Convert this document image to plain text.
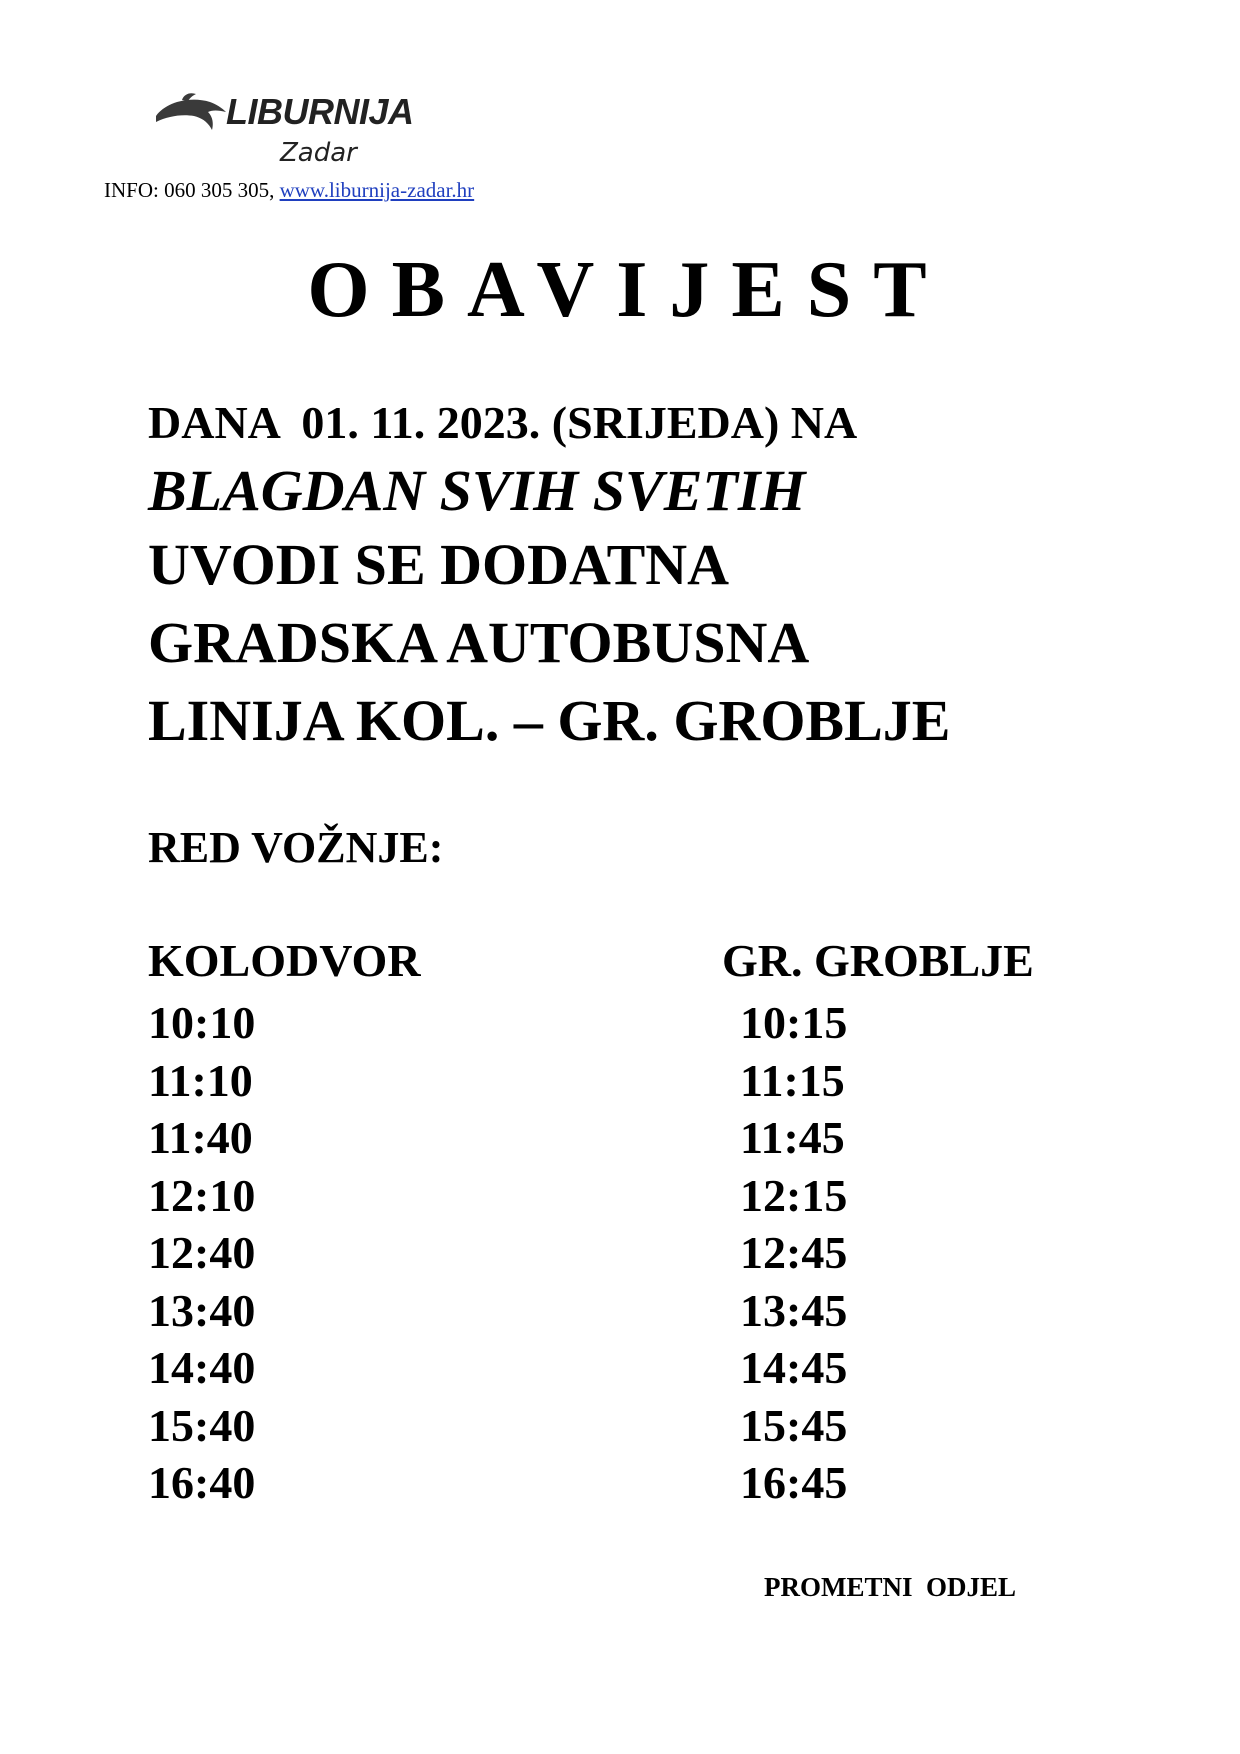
LIBURNIJA
Zadar
INFO: 060 305 305, www.liburnija-zadar.hr
OBAVIJEST
DANA  01. 11. 2023. (SRIJEDA) NA
BLAGDAN SVIH SVETIH
UVODI SE DODATNA
GRADSKA AUTOBUSNA
LINIJA KOL. – GR. GROBLJE
RED VOŽNJE:
KOLODVOR	GR. GROBLJE
10:10
11:10
11:40
12:10
12:40
13:40
14:40
15:40
16:40
10:15
11:15
11:45
12:15
12:45
13:45
14:45
15:45
16:45
PROMETNI  ODJEL
